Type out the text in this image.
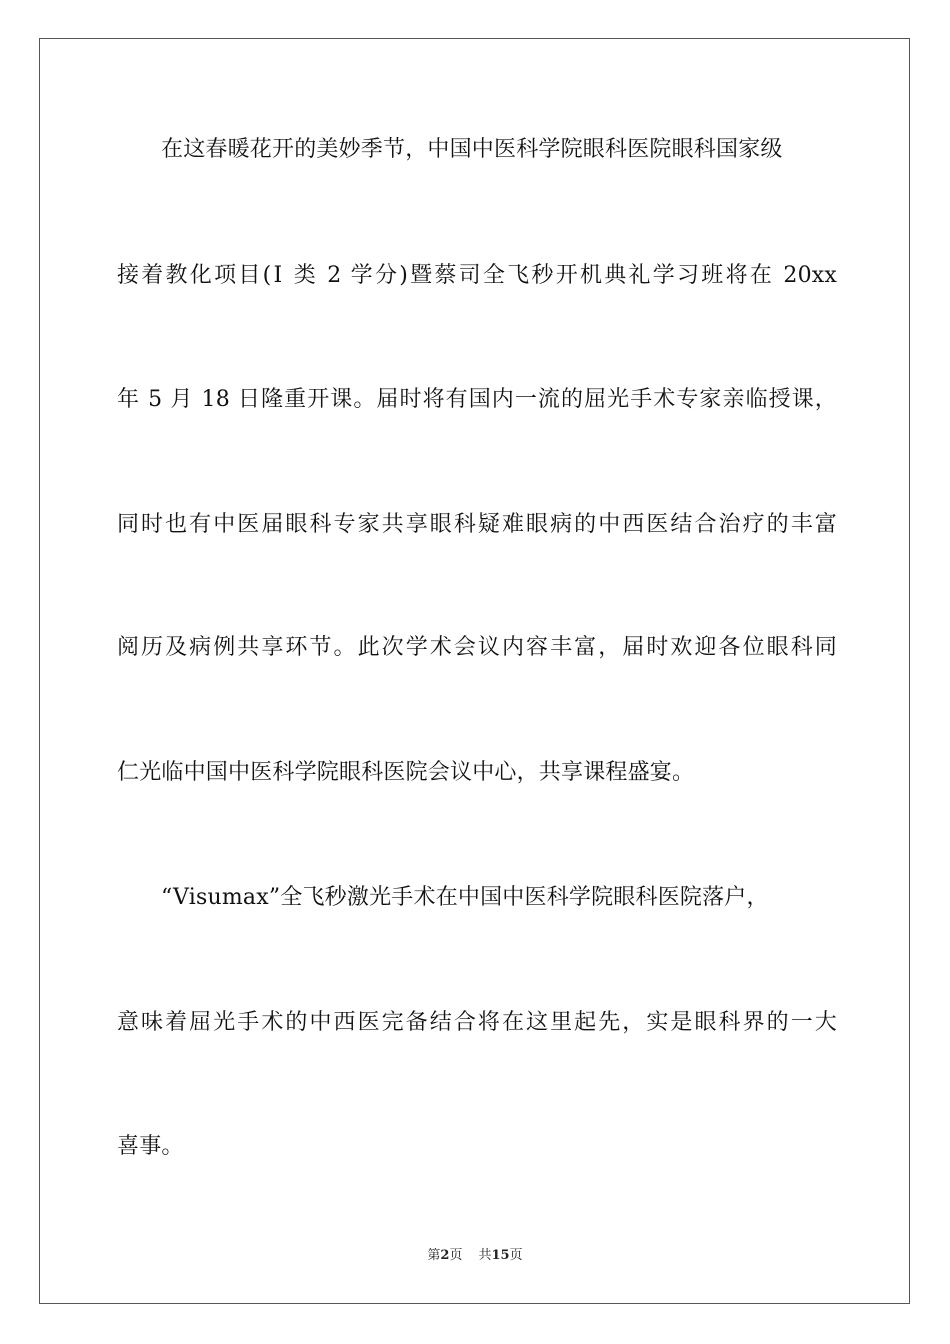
在这春暖花开的美妙季节，中国中医科学院眼科医院眼科国家级
接着教化项目(Ⅰ 类 2 学分)暨蔡司全飞秒开机典礼学习班将在 20xx
年 5 月 18 日隆重开课。届时将有国内一流的屈光手术专家亲临授课，
同时也有中医届眼科专家共享眼科疑难眼病的中西医结合治疗的丰富
阅历及病例共享环节。此次学术会议内容丰富，届时欢迎各位眼科同
仁光临中国中医科学院眼科医院会议中心，共享课程盛宴。
“Visumax”全飞秒激光手术在中国中医科学院眼科医院落户，
意味着屈光手术的中西医完备结合将在这里起先，实是眼科界的一大
喜事。
第2页 共15页
